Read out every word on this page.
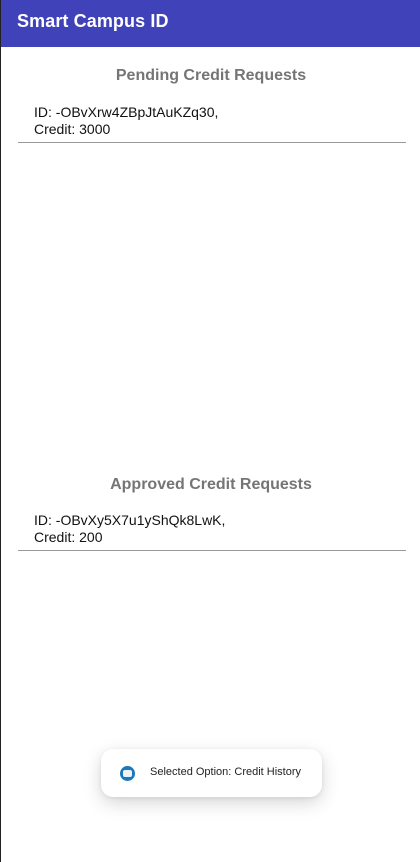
Smart Campus ID
Pending Credit Requests
ID: -OBvXrw4ZBpJtAuKZq30,
Credit: 3000
Approved Credit Requests
ID: -OBvXy5X7u1yShQk8LwK,
Credit: 200
Selected Option: Credit History
